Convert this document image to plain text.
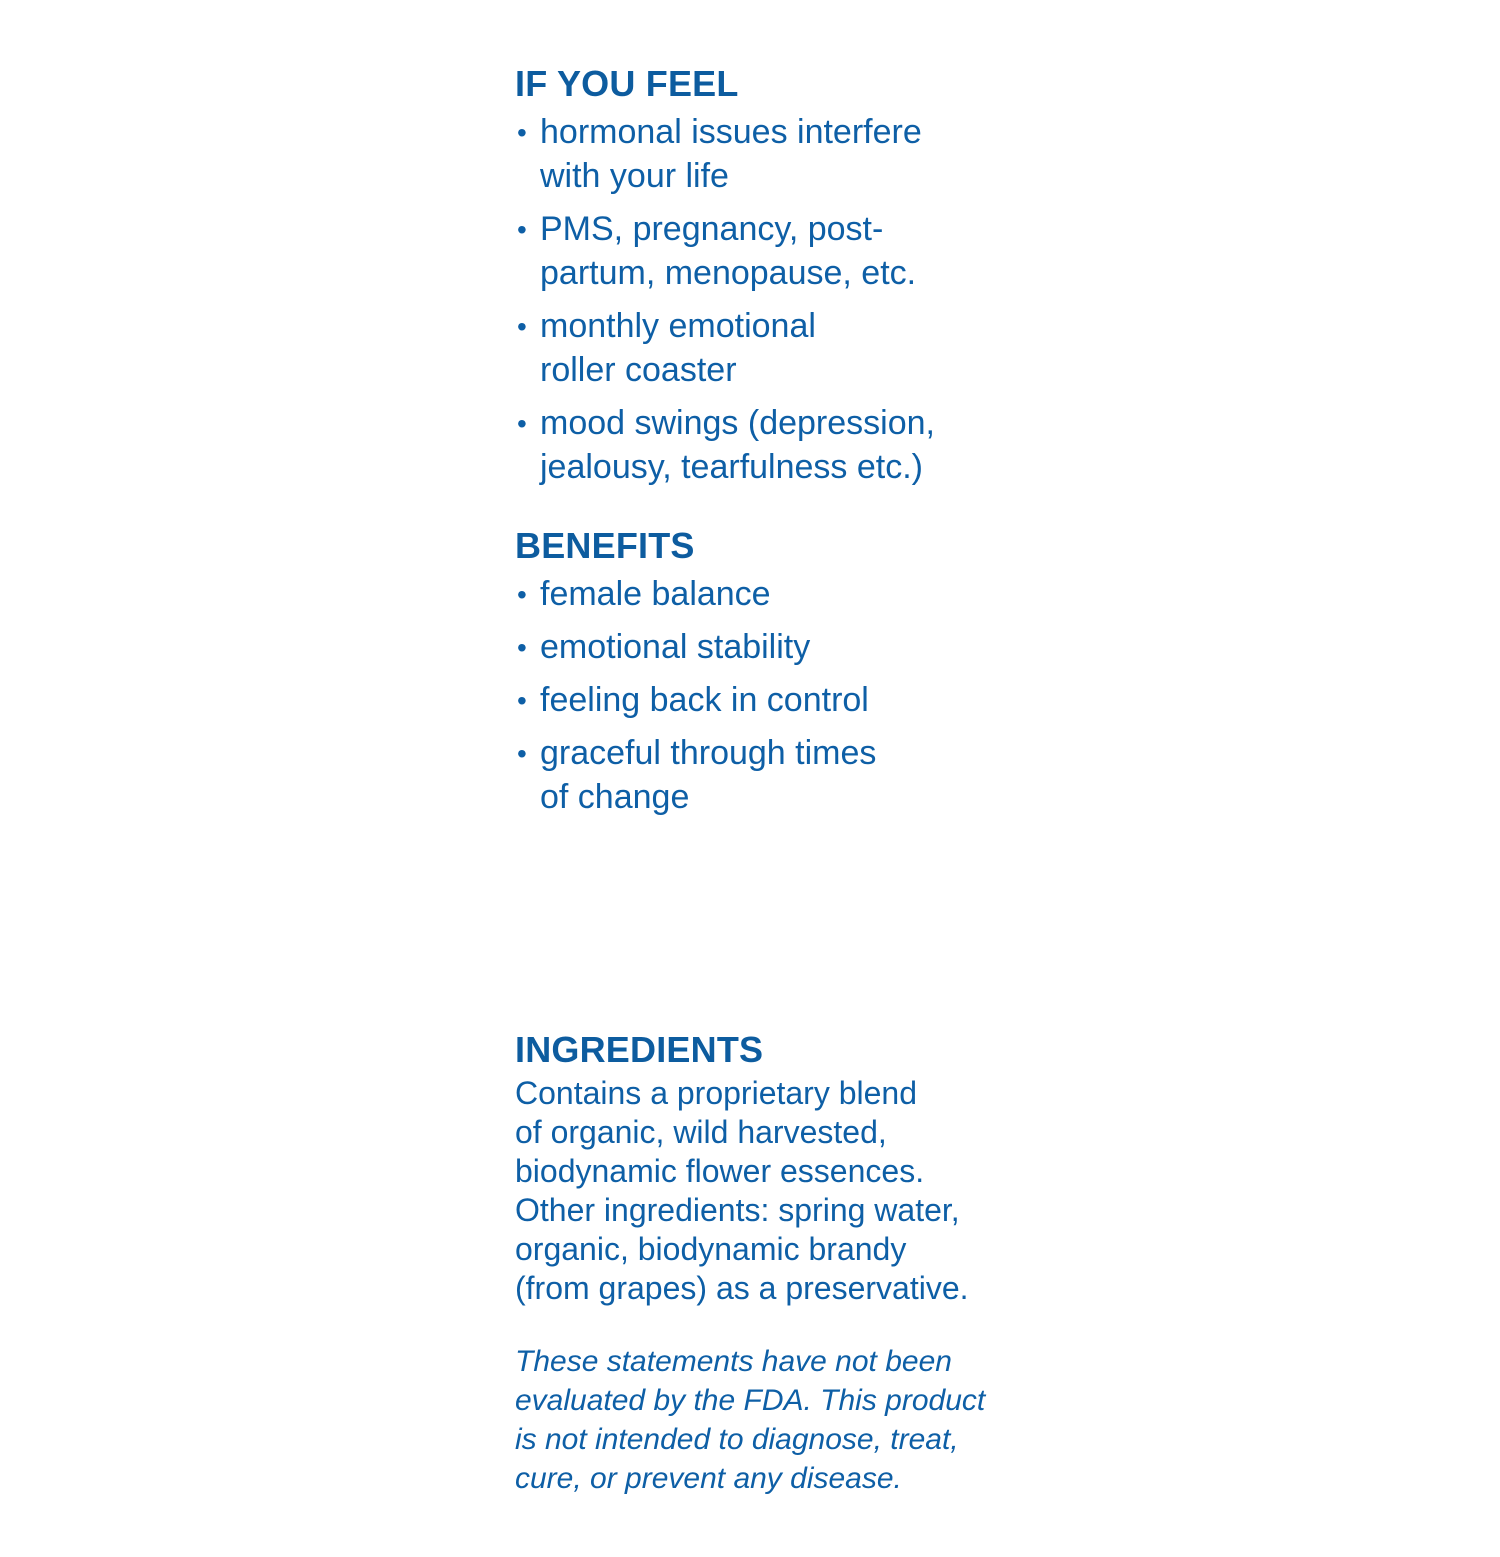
IF YOU FEEL
• hormonal issues interfere
with your life
• PMS, pregnancy, post-
partum, menopause, etc.
• monthly emotional
roller coaster
• mood swings (depression,
jealousy, tearfulness etc.)
BENEFITS
• female balance
• emotional stability
• feeling back in control
• graceful through times
of change
INGREDIENTS

Contains a proprietary blend
of organic, wild harvested,
biodynamic flower essences.
Other ingredients: spring water,
organic, biodynamic brandy
(from grapes) as a preservative.

These statements have not been
evaluated by the FDA. This product
is not intended to diagnose, treat,
cure, or prevent any disease.
